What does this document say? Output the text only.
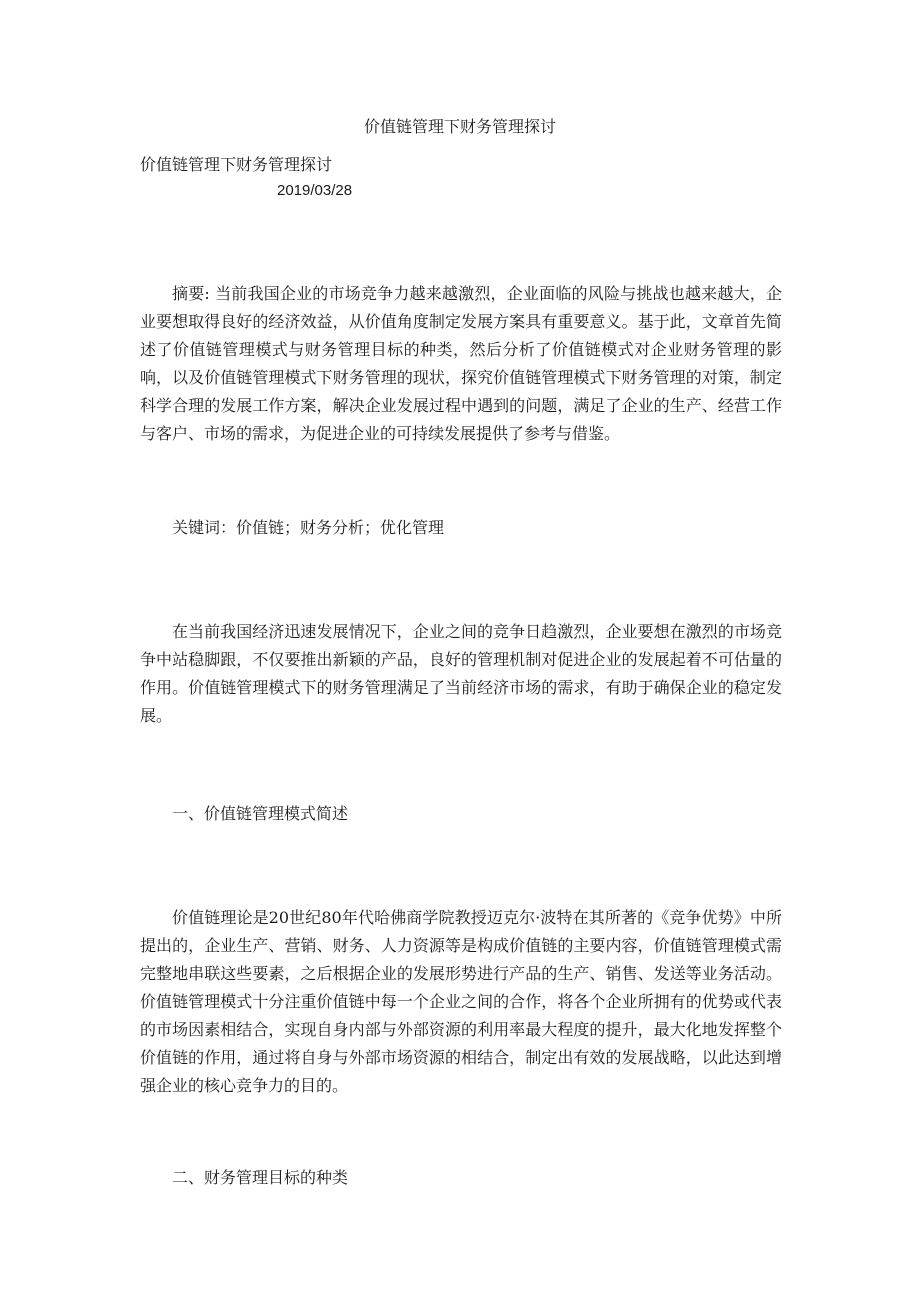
价值链管理下财务管理探讨
价值链管理下财务管理探讨
2019/03/28

摘要: 当前我国企业的市场竞争力越来越激烈，企业面临的风险与挑战也越来越大，企业要想取得良好的经济效益，从价值角度制定发展方案具有重要意义。基于此，文章首先简述了价值链管理模式与财务管理目标的种类，然后分析了价值链模式对企业财务管理的影响，以及价值链管理模式下财务管理的现状，探究价值链管理模式下财务管理的对策，制定科学合理的发展工作方案，解决企业发展过程中遇到的问题，满足了企业的生产、经营工作与客户、市场的需求，为促进企业的可持续发展提供了参考与借鉴。

关键词：价值链；财务分析；优化管理

在当前我国经济迅速发展情况下，企业之间的竞争日趋激烈，企业要想在激烈的市场竞争中站稳脚跟，不仅要推出新颖的产品，良好的管理机制对促进企业的发展起着不可估量的作用。价值链管理模式下的财务管理满足了当前经济市场的需求，有助于确保企业的稳定发展。

一、价值链管理模式简述

价值链理论是20世纪80年代哈佛商学院教授迈克尔·波特在其所著的《竞争优势》中所提出的，企业生产、营销、财务、人力资源等是构成价值链的主要内容，价值链管理模式需完整地串联这些要素，之后根据企业的发展形势进行产品的生产、销售、发送等业务活动。价值链管理模式十分注重价值链中每一个企业之间的合作，将各个企业所拥有的优势或代表的市场因素相结合，实现自身内部与外部资源的利用率最大程度的提升，最大化地发挥整个价值链的作用，通过将自身与外部市场资源的相结合，制定出有效的发展战略，以此达到增强企业的核心竞争力的目的。

二、财务管理目标的种类
